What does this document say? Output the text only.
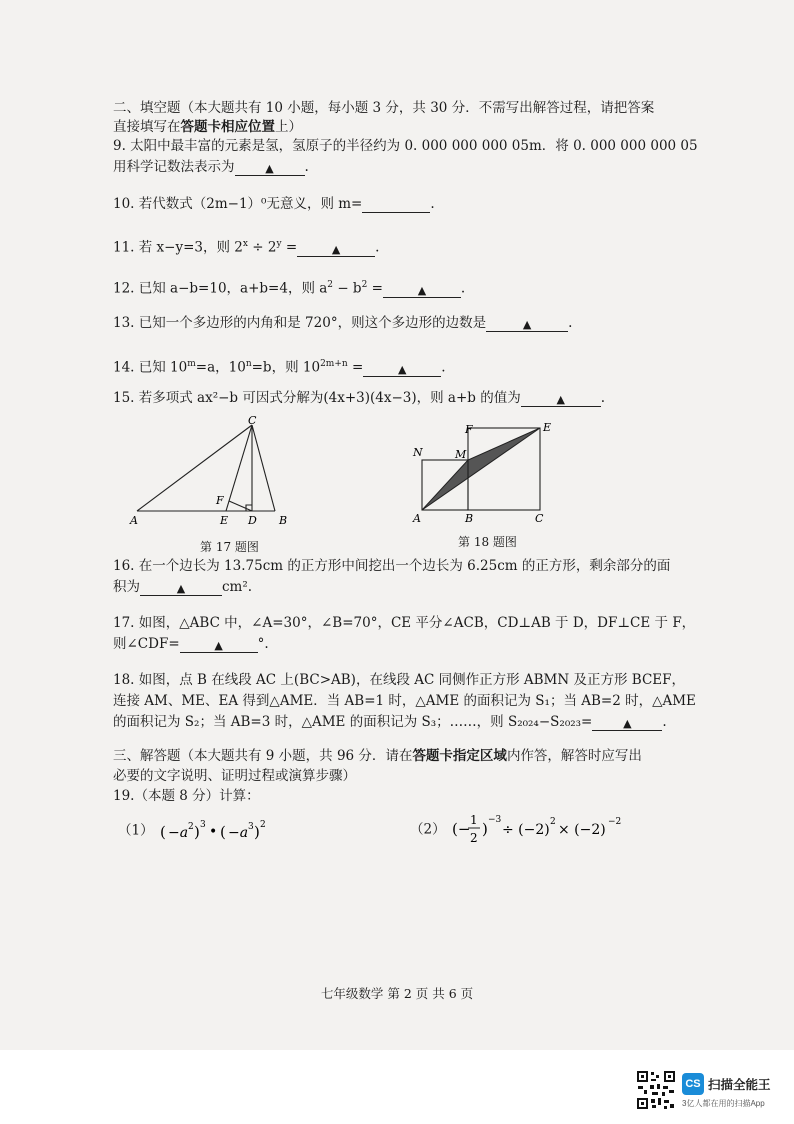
二、填空题（本大题共有 10 小题，每小题 3 分，共 30 分．不需写出解答过程，请把答案
直接填写在答题卡相应位置上）
9. 太阳中最丰富的元素是氢，氢原子的半径约为 0. 000 000 000 05m．将 0. 000 000 000 05
用科学记数法表示为	▲ .
10. 若代数式（2m−1）⁰无意义，则 m=	.
11. 若 x−y=3，则 $2^x \div 2^y$ =	▲	.
12. 已知 a−b=10，a+b=4，则 $a^2 - b^2$ =	▲	.
13. 已知一个多边形的内角和是 720°，则这个多边形的边数是	▲	.
14. 已知 $10^m=a$，$10^n=b$，则 $10^{2m+n}$ =	▲	.
15. 若多项式 ax²−b 可因式分解为(4x+3)(4x−3)，则 a+b 的值为	▲	.
C
A	E D B
F
第 17 题图
E
F
N	M
A	B	C
第 18 题图
16. 在一个边长为 13.75cm 的正方形中间挖出一个边长为 6.25cm 的正方形，剩余部分的面
积为	▲	cm².
17. 如图，△ABC 中，∠A=30°，∠B=70°，CE 平分∠ACB，CD⊥AB 于 D，DF⊥CE 于 F，
则∠CDF=	▲	°.
18. 如图，点 B 在线段 AC 上(BC>AB)，在线段 AC 同侧作正方形 ABMN 及正方形 BCEF，
连接 AM、ME、EA 得到△AME．当 AB=1 时，△AME 的面积记为 S₁；当 AB=2 时，△AME
的面积记为 S₂；当 AB=3 时，△AME 的面积记为 S₃；……，则 S₂₀₂₄−S₂₀₂₃=	▲ .
三、解答题（本大题共有 9 小题，共 96 分．请在答题卡指定区域内作答，解答时应写出
必要的文字说明、证明过程或演算步骤）
19.（本题 8 分）计算：
（1） ( −a 2 ) 3 • ( −a 3 ) 2	（2） (− 1
2 ) −3
÷ (−2) 2 × (−2) −2
七年级数学 第 2 页 共 6 页
CS 扫描全能王
3亿人都在用的扫描App
